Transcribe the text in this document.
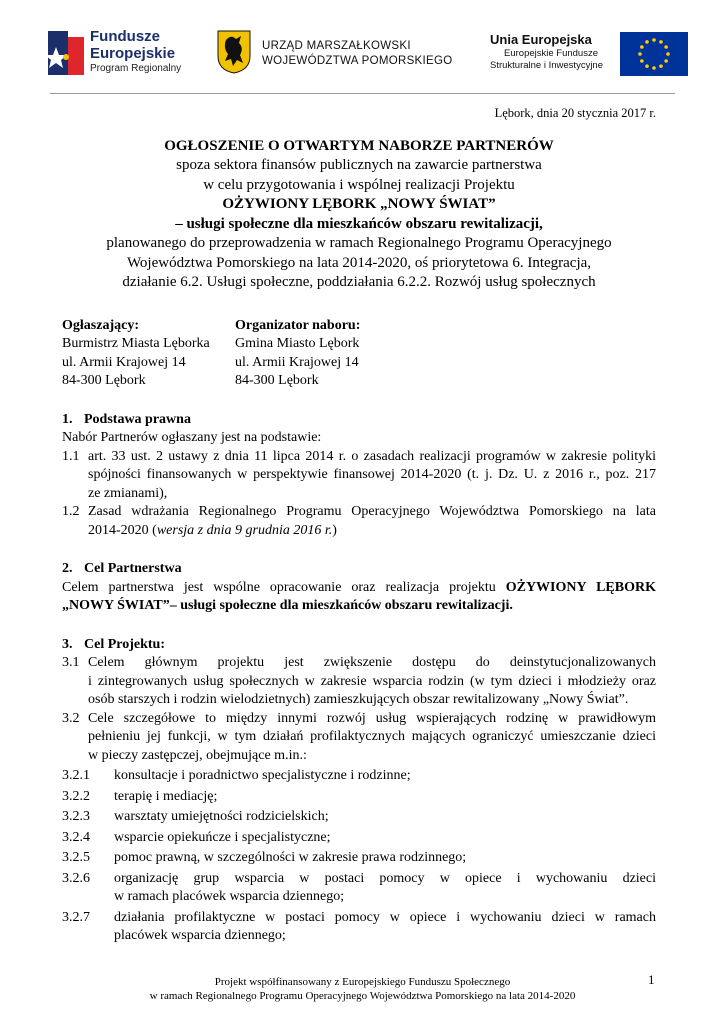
Fundusze
Europejskie
Program Regionalny
URZĄD MARSZAŁKOWSKI
WOJEWÓDZTWA POMORSKIEGO
Unia Europejska
Europejskie Fundusze
Strukturalne i Inwestycyjne
Lębork, dnia 20 stycznia 2017 r.
OGŁOSZENIE O OTWARTYM NABORZE PARTNERÓW
spoza sektora finansów publicznych na zawarcie partnerstwa
w celu przygotowania i wspólnej realizacji Projektu
OŻYWIONY LĘBORK „NOWY ŚWIAT”
– usługi społeczne dla mieszkańców obszaru rewitalizacji,
planowanego do przeprowadzenia w ramach Regionalnego Programu Operacyjnego
Województwa Pomorskiego na lata 2014-2020, oś priorytetowa 6. Integracja,
działanie 6.2. Usługi społeczne, poddziałania 6.2.2. Rozwój usług społecznych
Ogłaszający:
Burmistrz Miasta Lęborka
ul. Armii Krajowej 14
84-300 Lębork
Organizator naboru:
Gmina Miasto Lębork
ul. Armii Krajowej 14
84-300 Lębork
1. Podstawa prawna

Nabór Partnerów ogłaszany jest na podstawie:

1.1 art. 33 ust. 2 ustawy z dnia 11 lipca 2014 r. o zasadach realizacji programów w zakresie polityki
spójności finansowanych w perspektywie finansowej 2014-2020 (t. j. Dz. U. z 2016 r., poz. 217
ze zmianami),
1.2 Zasad wdrażania Regionalnego Programu Operacyjnego Województwa Pomorskiego na lata
2014-2020 (wersja z dnia 9 grudnia 2016 r.)
2. Cel Partnerstwa

Celem partnerstwa jest wspólne opracowanie oraz realizacja projektu OŻYWIONY LĘBORK

„NOWY ŚWIAT”– usługi społeczne dla mieszkańców obszaru rewitalizacji.

3. Cel Projektu:
3.1 Celem głównym projektu jest zwiększenie dostępu do deinstytucjonalizowanych
i zintegrowanych usług społecznych w zakresie wsparcia rodzin (w tym dzieci i młodzieży oraz
osób starszych i rodzin wielodzietnych) zamieszkujących obszar rewitalizowany „Nowy Świat”.
3.2 Cele szczegółowe to między innymi rozwój usług wspierających rodzinę w prawidłowym
pełnieniu jej funkcji, w tym działań profilaktycznych mających ograniczyć umieszczanie dzieci
w pieczy zastępczej, obejmujące m.in.:
3.2.1	konsultacje i poradnictwo specjalistyczne i rodzinne;
3.2.2	terapię i mediację;
3.2.3	warsztaty umiejętności rodzicielskich;
3.2.4	wsparcie opiekuńcze i specjalistyczne;
3.2.5	pomoc prawną, w szczególności w zakresie prawa rodzinnego;
3.2.6	organizację grup wsparcia w postaci pomocy w opiece i wychowaniu dzieci
w ramach placówek wsparcia dziennego;
3.2.7	działania profilaktyczne w postaci pomocy w opiece i wychowaniu dzieci w ramach
placówek wsparcia dziennego;
Projekt współfinansowany z Europejskiego Funduszu Społecznego
w ramach Regionalnego Programu Operacyjnego Województwa Pomorskiego na lata 2014-2020
1
